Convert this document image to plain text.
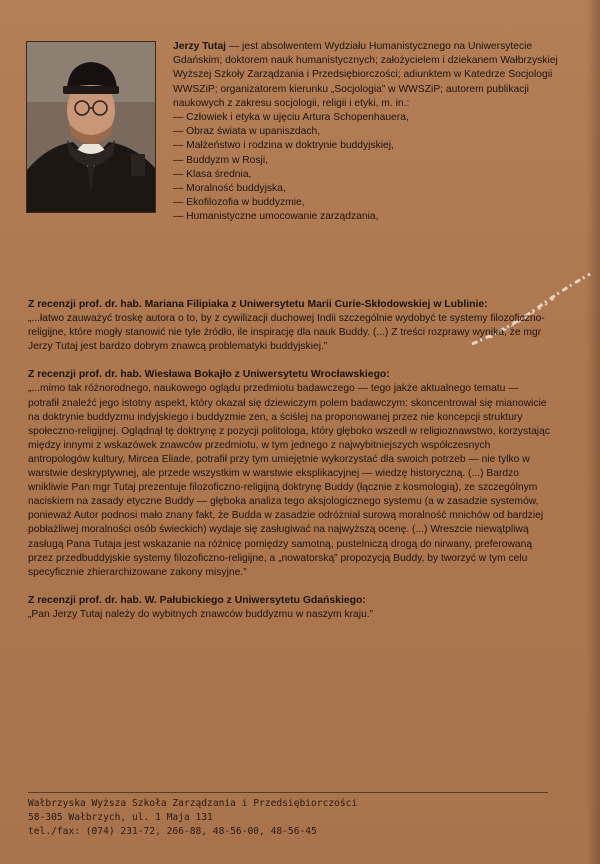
Jerzy Tutaj — jest absolwentem Wydziału Humanistycznego na Uniwersytecie Gdańskim; doktorem nauk humanistycznych; założycielem i dziekanem Wałbrzyskiej Wyższej Szkoły Zarządzania i Przedsiębiorczości; adiunktem w Katedrze Socjologii WWSZiP; organizatorem kierunku „Socjologia” w WWSZiP; autorem publikacji naukowych z zakresu socjologii, religii i etyki, m. in.:

— Człowiek i etyka w ujęciu Artura Schopenhauera,
— Obraz świata w upaniszdach,
— Małżeństwo i rodzina w doktrynie buddyjskiej,
— Buddyzm w Rosji,
— Klasa średnia,
— Moralność buddyjska,
— Ekofilozofia w buddyzmie,
— Humanistyczne umocowanie zarządzania,
Z recenzji prof. dr. hab. Mariana Filipiaka z Uniwersytetu Marii Curie-Skłodowskiej w Lublinie:

„...łatwo zauważyć troskę autora o to, by z cywilizacji duchowej Indii szczególnie wydobyć te systemy filozoficzno-religijne, które mogły stanowić nie tyle źródło, ile inspirację dla nauk Buddy. (...) Z treści rozprawy wynika, że mgr Jerzy Tutaj jest bardzo dobrym znawcą problematyki buddyjskiej.”

Z recenzji prof. dr. hab. Wiesława Bokajło z Uniwersytetu Wrocławskiego:

„...mimo tak różnorodnego, naukowego oglądu przedmiotu badawczego — tego jakże aktualnego tematu — potrafił znaleźć jego istotny aspekt, który okazał się dziewiczym polem badawczym: skoncentrował się mianowicie na doktrynie buddyzmu indyjskiego i buddyzmie zen, a ściślej na proponowanej przez nie koncepcji struktury społeczno-religijnej. Oglądnął tę doktrynę z pozycji politologa, który głęboko wszedł w religioznawstwo, korzystając między innymi z wskazówek znawców przedmiotu, w tym jednego z najwybitniejszych współczesnych antropologów kultury, Mircea Eliade, potrafił przy tym umiejętnie wykorzystać dla swoich potrzeb — nie tylko w warstwie deskryptywnej, ale przede wszystkim w warstwie eksplikacyjnej — wiedzę historyczną. (...) Bardzo wnikliwie Pan mgr Tutaj prezentuje filozoficzno-religijną doktrynę Buddy (łącznie z kosmologią), ze szczególnym naciskiem na zasady etyczne Buddy — głęboka analiza tego aksjologicznego systemu (a w zasadzie systemów, ponieważ Autor podnosi mało znany fakt, że Budda w zasadzie odróżniał surową moralność mnichów od bardziej pobłażliwej moralności osób świeckich) wydaje się zasługiwać na najwyższą ocenę. (...) Wreszcie niewątpliwą zasługą Pana Tutaja jest wskazanie na różnicę pomiędzy samotną, pustelniczą drogą do nirwany, preferowaną przez przedbuddyjskie systemy filozoficzno-religijne, a „nowatorską” propozycją Buddy, by tworzyć w tym celu specyficznie zhierarchizowane zakony misyjne.”

Z recenzji prof. dr. hab. W. Pałubickiego z Uniwersytetu Gdańskiego:

„Pan Jerzy Tutaj należy do wybitnych znawców buddyzmu w naszym kraju.”

Wałbrzyska Wyższa Szkoła Zarządzania i Przedsiębiorczości
58-305 Wałbrzych, ul. 1 Maja 131
tel./fax: (074) 231-72, 266-88, 48-56-00, 48-56-45
